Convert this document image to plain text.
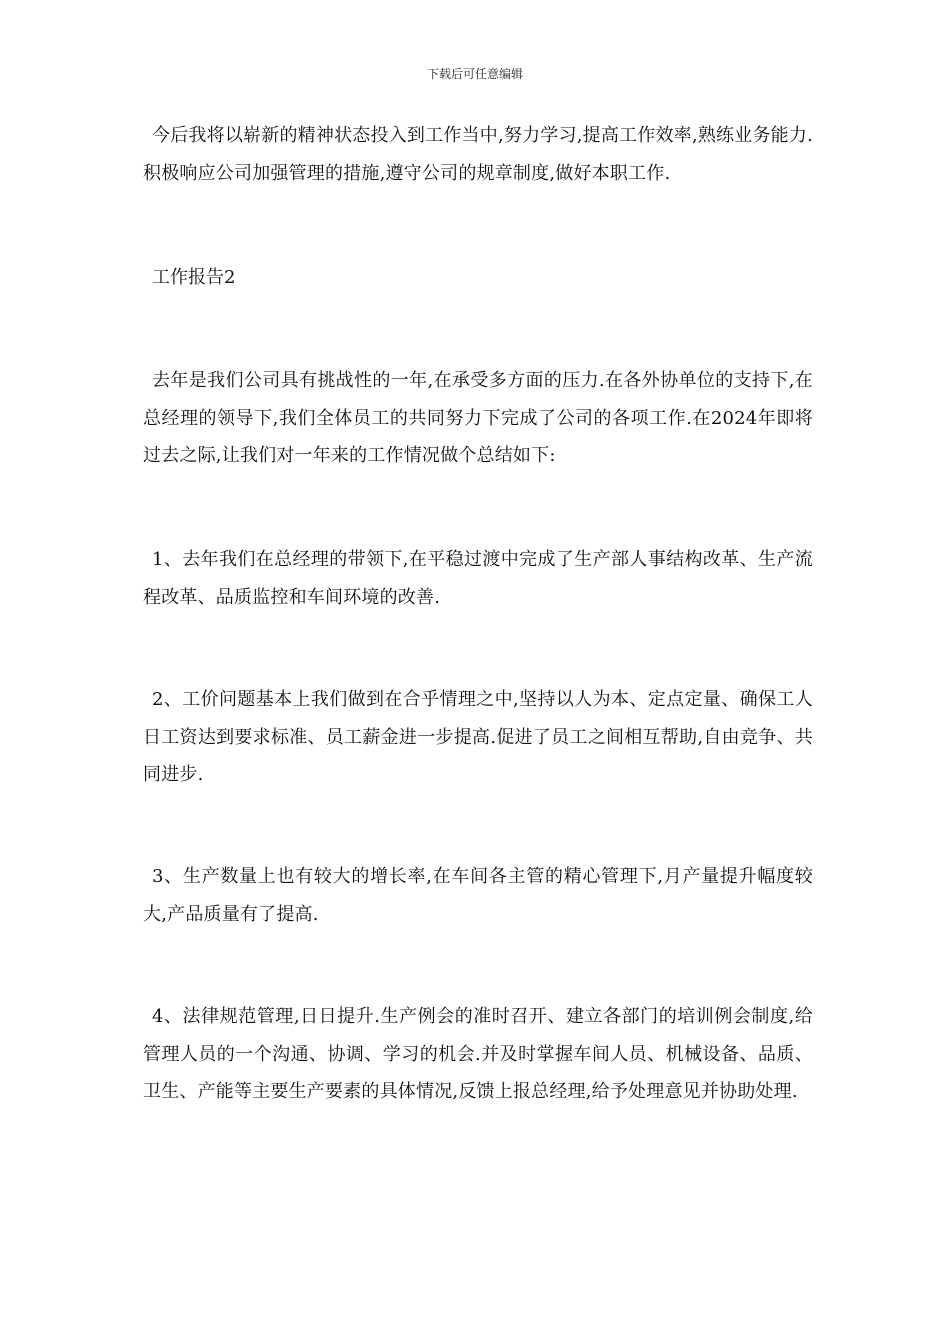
下载后可任意编辑

今后我将以崭新的精神状态投入到工作当中,努力学习,提高工作效率,熟练业务能力.积极响应公司加强管理的措施,遵守公司的规章制度,做好本职工作.

工作报告2

去年是我们公司具有挑战性的一年,在承受多方面的压力.在各外协单位的支持下,在总经理的领导下,我们全体员工的共同努力下完成了公司的各项工作.在2024年即将过去之际,让我们对一年来的工作情况做个总结如下:

1、去年我们在总经理的带领下,在平稳过渡中完成了生产部人事结构改革、生产流程改革、品质监控和车间环境的改善.

2、工价问题基本上我们做到在合乎情理之中,坚持以人为本、定点定量、确保工人日工资达到要求标准、员工薪金进一步提高.促进了员工之间相互帮助,自由竞争、共同进步.

3、生产数量上也有较大的增长率,在车间各主管的精心管理下,月产量提升幅度较大,产品质量有了提高.

4、法律规范管理,日日提升.生产例会的准时召开、建立各部门的培训例会制度,给管理人员的一个沟通、协调、学习的机会.并及时掌握车间人员、机械设备、品质、卫生、产能等主要生产要素的具体情况,反馈上报总经理,给予处理意见并协助处理.
